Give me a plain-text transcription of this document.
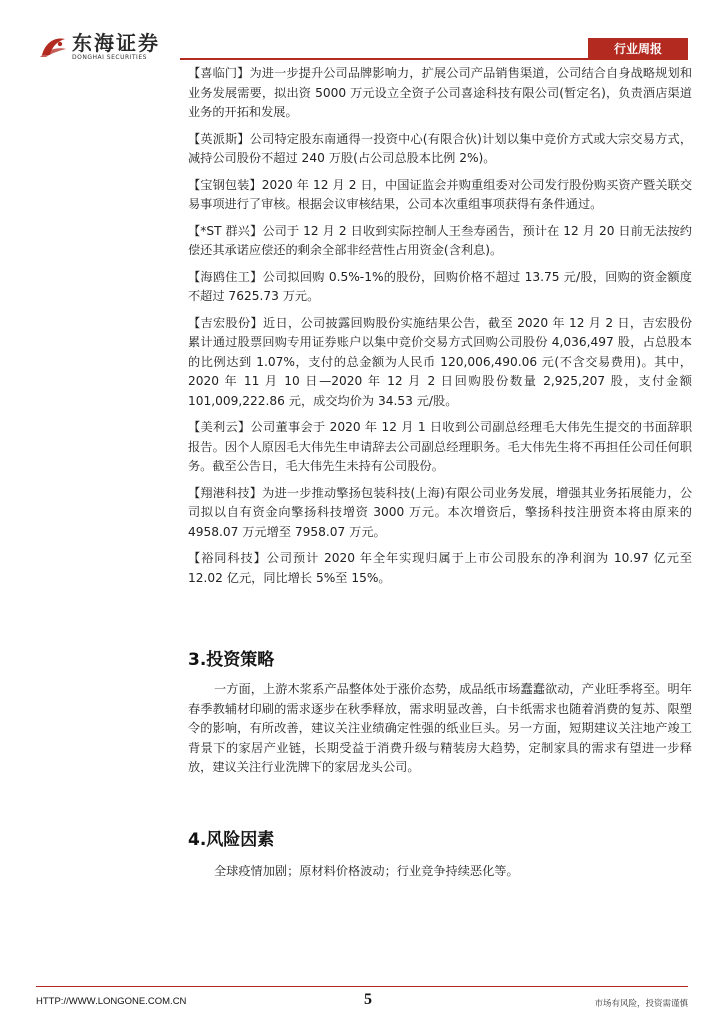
东海证券
DONGHAI SECURITIES
行业周报

【喜临门】为进一步提升公司品牌影响力，扩展公司产品销售渠道，公司结合自身战略规划和业务发展需要，拟出资 5000 万元设立全资子公司喜途科技有限公司(暂定名)，负责酒店渠道业务的开拓和发展。

【英派斯】公司特定股东南通得一投资中心(有限合伙)计划以集中竞价方式或大宗交易方式，减持公司股份不超过 240 万股(占公司总股本比例 2%)。

【宝钢包装】2020 年 12 月 2 日，中国证监会并购重组委对公司发行股份购买资产暨关联交易事项进行了审核。根据会议审核结果，公司本次重组事项获得有条件通过。

【*ST 群兴】公司于 12 月 2 日收到实际控制人王叁寿函告，预计在 12 月 20 日前无法按约偿还其承诺应偿还的剩余全部非经营性占用资金(含利息)。

【海鸥住工】公司拟回购 0.5%-1%的股份，回购价格不超过 13.75 元/股，回购的资金额度不超过 7625.73 万元。

【吉宏股份】近日，公司披露回购股份实施结果公告，截至 2020 年 12 月 2 日，吉宏股份累计通过股票回购专用证券账户以集中竞价交易方式回购公司股份 4,036,497 股，占总股本的比例达到 1.07%，支付的总金额为人民币 120,006,490.06 元(不含交易费用)。其中，2020 年 11 月 10 日—2020 年 12 月 2 日回购股份数量 2,925,207 股，支付金额 101,009,222.86 元，成交均价为 34.53 元/股。

【美利云】公司董事会于 2020 年 12 月 1 日收到公司副总经理毛大伟先生提交的书面辞职报告。因个人原因毛大伟先生申请辞去公司副总经理职务。毛大伟先生将不再担任公司任何职务。截至公告日，毛大伟先生未持有公司股份。

【翔港科技】为进一步推动擎扬包装科技(上海)有限公司业务发展，增强其业务拓展能力，公司拟以自有资金向擎扬科技增资 3000 万元。本次增资后，擎扬科技注册资本将由原来的 4958.07 万元增至 7958.07 万元。

【裕同科技】公司预计 2020 年全年实现归属于上市公司股东的净利润为 10.97 亿元至 12.02 亿元，同比增长 5%至 15%。

3.投资策略

一方面，上游木浆系产品整体处于涨价态势，成品纸市场蠢蠢欲动，产业旺季将至。明年春季教辅材印刷的需求逐步在秋季释放，需求明显改善，白卡纸需求也随着消费的复苏、限塑令的影响，有所改善，建议关注业绩确定性强的纸业巨头。另一方面，短期建议关注地产竣工背景下的家居产业链，长期受益于消费升级与精装房大趋势，定制家具的需求有望进一步释放，建议关注行业洗牌下的家居龙头公司。

4.风险因素

全球疫情加剧；原材料价格波动；行业竞争持续恶化等。

HTTP://WWW.LONGONE.COM.CN	5	市场有风险，投资需谨慎
